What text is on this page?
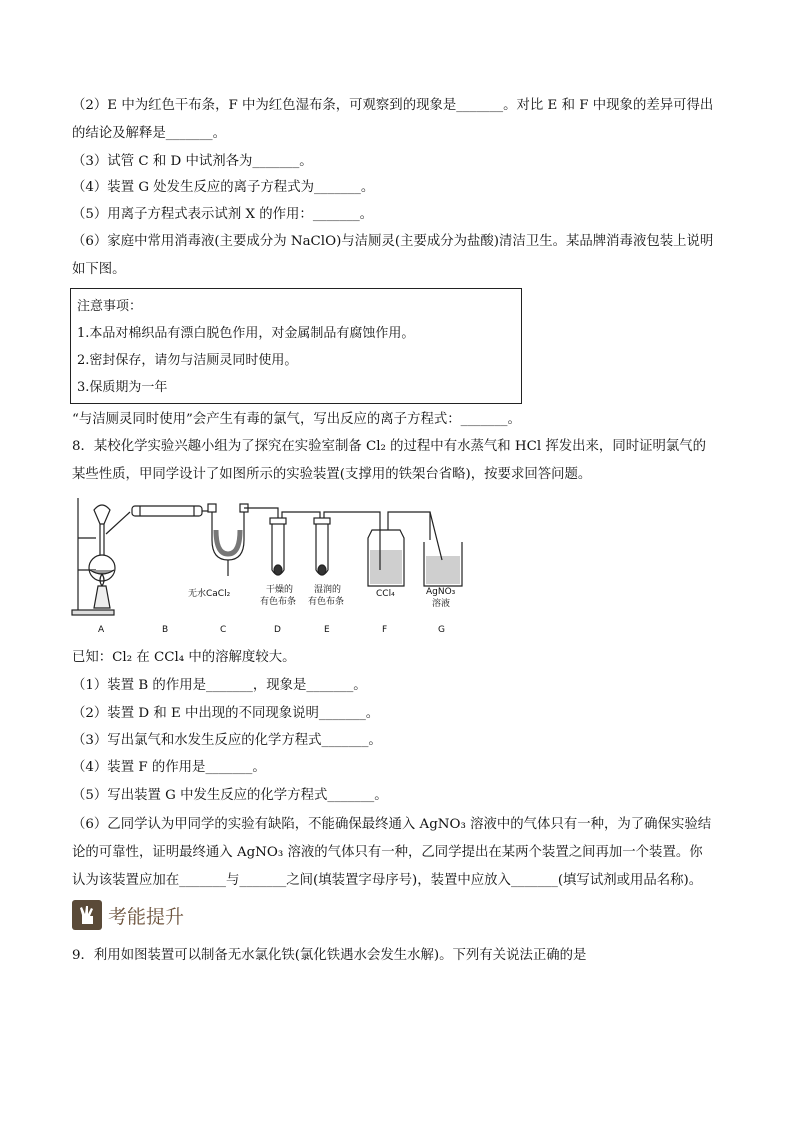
（2）E 中为红色干布条，F 中为红色湿布条，可观察到的现象是_______。对比 E 和 F 中现象的差异可得出
的结论及解释是_______。
（3）试管 C 和 D 中试剂各为_______。
（4）装置 G 处发生反应的离子方程式为_______。
（5）用离子方程式表示试剂 X 的作用：_______。
（6）家庭中常用消毒液(主要成分为 NaClO)与洁厕灵(主要成分为盐酸)清洁卫生。某品牌消毒液包装上说明
如下图。
注意事项：
1.本品对棉织品有漂白脱色作用，对金属制品有腐蚀作用。
2.密封保存，请勿与洁厕灵同时使用。
3.保质期为一年
“与洁厕灵同时使用”会产生有毒的氯气，写出反应的离子方程式：_______。
8．某校化学实验兴趣小组为了探究在实验室制备 Cl₂ 的过程中有水蒸气和 HCl 挥发出来，同时证明氯气的
某些性质，甲同学设计了如图所示的实验装置(支撑用的铁架台省略)，按要求回答问题。
无水CaCl₂	干燥的
有色布条
湿润的
有色布条
CCl₄	AgNO₃
溶液
A	B	C	D	E	F	G
已知：Cl₂ 在 CCl₄ 中的溶解度较大。
（1）装置 B 的作用是_______，现象是_______。
（2）装置 D 和 E 中出现的不同现象说明_______。
（3）写出氯气和水发生反应的化学方程式_______。
（4）装置 F 的作用是_______。
（5）写出装置 G 中发生反应的化学方程式_______。
（6）乙同学认为甲同学的实验有缺陷，不能确保最终通入 AgNO₃ 溶液中的气体只有一种，为了确保实验结
论的可靠性，证明最终通入 AgNO₃ 溶液的气体只有一种，乙同学提出在某两个装置之间再加一个装置。你
认为该装置应加在_______与_______之间(填装置字母序号)，装置中应放入_______(填写试剂或用品名称)。
考能提升
9．利用如图装置可以制备无水氯化铁(氯化铁遇水会发生水解)。下列有关说法正确的是
